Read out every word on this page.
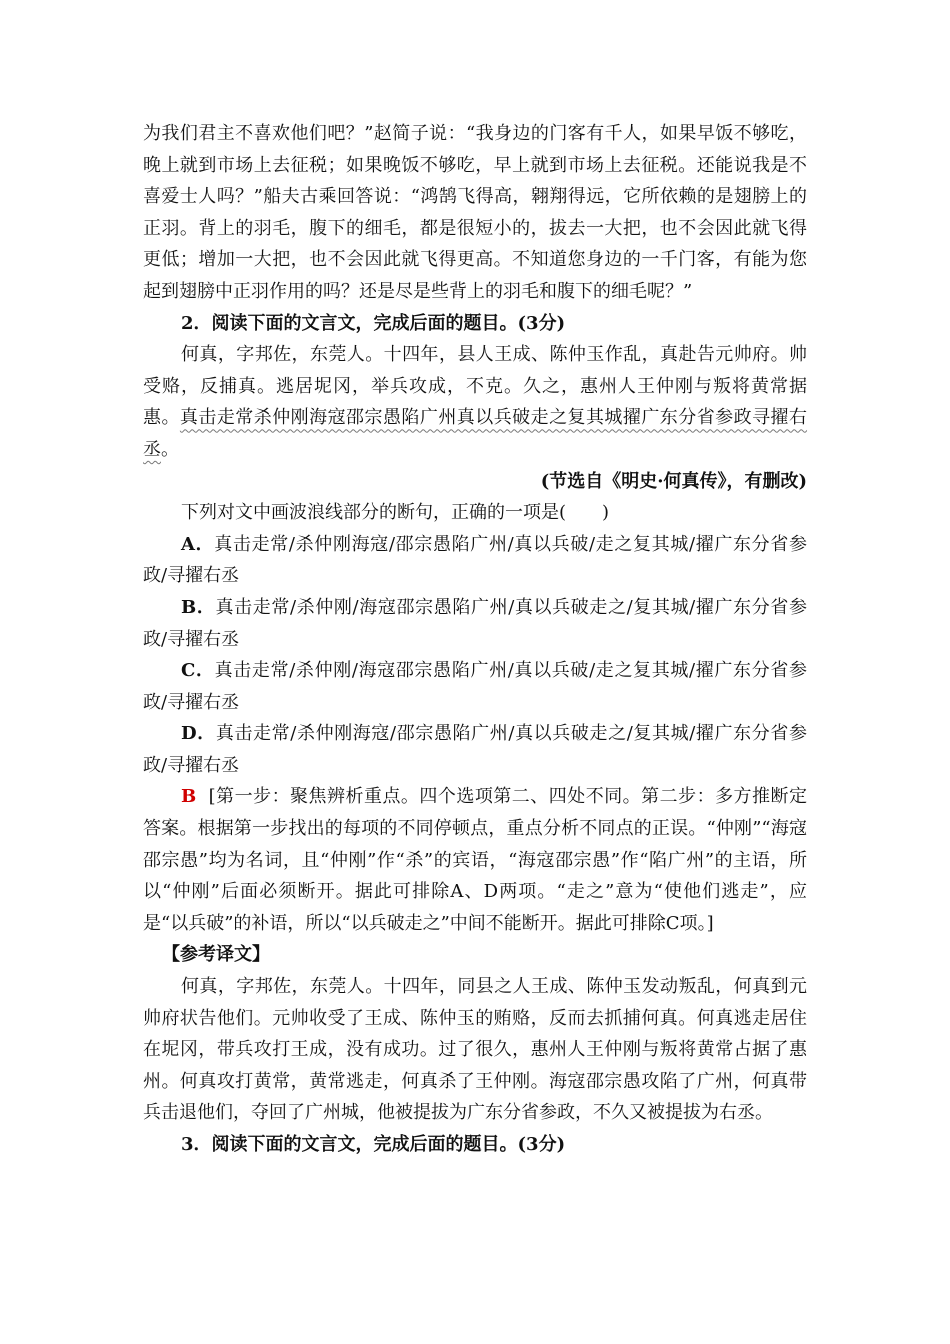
为我们君主不喜欢他们吧？”赵简子说：“我身边的门客有千人，如果早饭不够吃，晚上就到市场上去征税；如果晚饭不够吃，早上就到市场上去征税。还能说我是不喜爱士人吗？”船夫古乘回答说：“鸿鹄飞得高，翱翔得远，它所依赖的是翅膀上的正羽。背上的羽毛，腹下的细毛，都是很短小的，拔去一大把，也不会因此就飞得更低；增加一大把，也不会因此就飞得更高。不知道您身边的一千门客，有能为您起到翅膀中正羽作用的吗？还是尽是些背上的羽毛和腹下的细毛呢？”

2．阅读下面的文言文，完成后面的题目。(3分)

何真，字邦佐，东莞人。十四年，县人王成、陈仲玉作乱，真赴告元帅府。帅受赂，反捕真。逃居坭冈，举兵攻成，不克。久之，惠州人王仲刚与叛将黄常据惠。真击走常杀仲刚海寇邵宗愚陷广州真以兵破走之复其城擢广东分省参政寻擢右丞。

(节选自《明史·何真传》，有删改)

下列对文中画波浪线部分的断句，正确的一项是( )

A．真击走常/杀仲刚海寇/邵宗愚陷广州/真以兵破/走之复其城/擢广东分省参政/寻擢右丞

B．真击走常/杀仲刚/海寇邵宗愚陷广州/真以兵破走之/复其城/擢广东分省参政/寻擢右丞

C．真击走常/杀仲刚/海寇邵宗愚陷广州/真以兵破/走之复其城/擢广东分省参政/寻擢右丞

D．真击走常/杀仲刚海寇/邵宗愚陷广州/真以兵破走之/复其城/擢广东分省参政/寻擢右丞

B [第一步：聚焦辨析重点。四个选项第二、四处不同。第二步：多方推断定答案。根据第一步找出的每项的不同停顿点，重点分析不同点的正误。“仲刚”“海寇邵宗愚”均为名词，且“仲刚”作“杀”的宾语，“海寇邵宗愚”作“陷广州”的主语，所以“仲刚”后面必须断开。据此可排除A、D两项。“走之”意为“使他们逃走”，应是“以兵破”的补语，所以“以兵破走之”中间不能断开。据此可排除C项。]

【参考译文】

何真，字邦佐，东莞人。十四年，同县之人王成、陈仲玉发动叛乱，何真到元帅府状告他们。元帅收受了王成、陈仲玉的贿赂，反而去抓捕何真。何真逃走居住在坭冈，带兵攻打王成，没有成功。过了很久，惠州人王仲刚与叛将黄常占据了惠州。何真攻打黄常，黄常逃走，何真杀了王仲刚。海寇邵宗愚攻陷了广州，何真带兵击退他们，夺回了广州城，他被提拔为广东分省参政，不久又被提拔为右丞。

3．阅读下面的文言文，完成后面的题目。(3分)
